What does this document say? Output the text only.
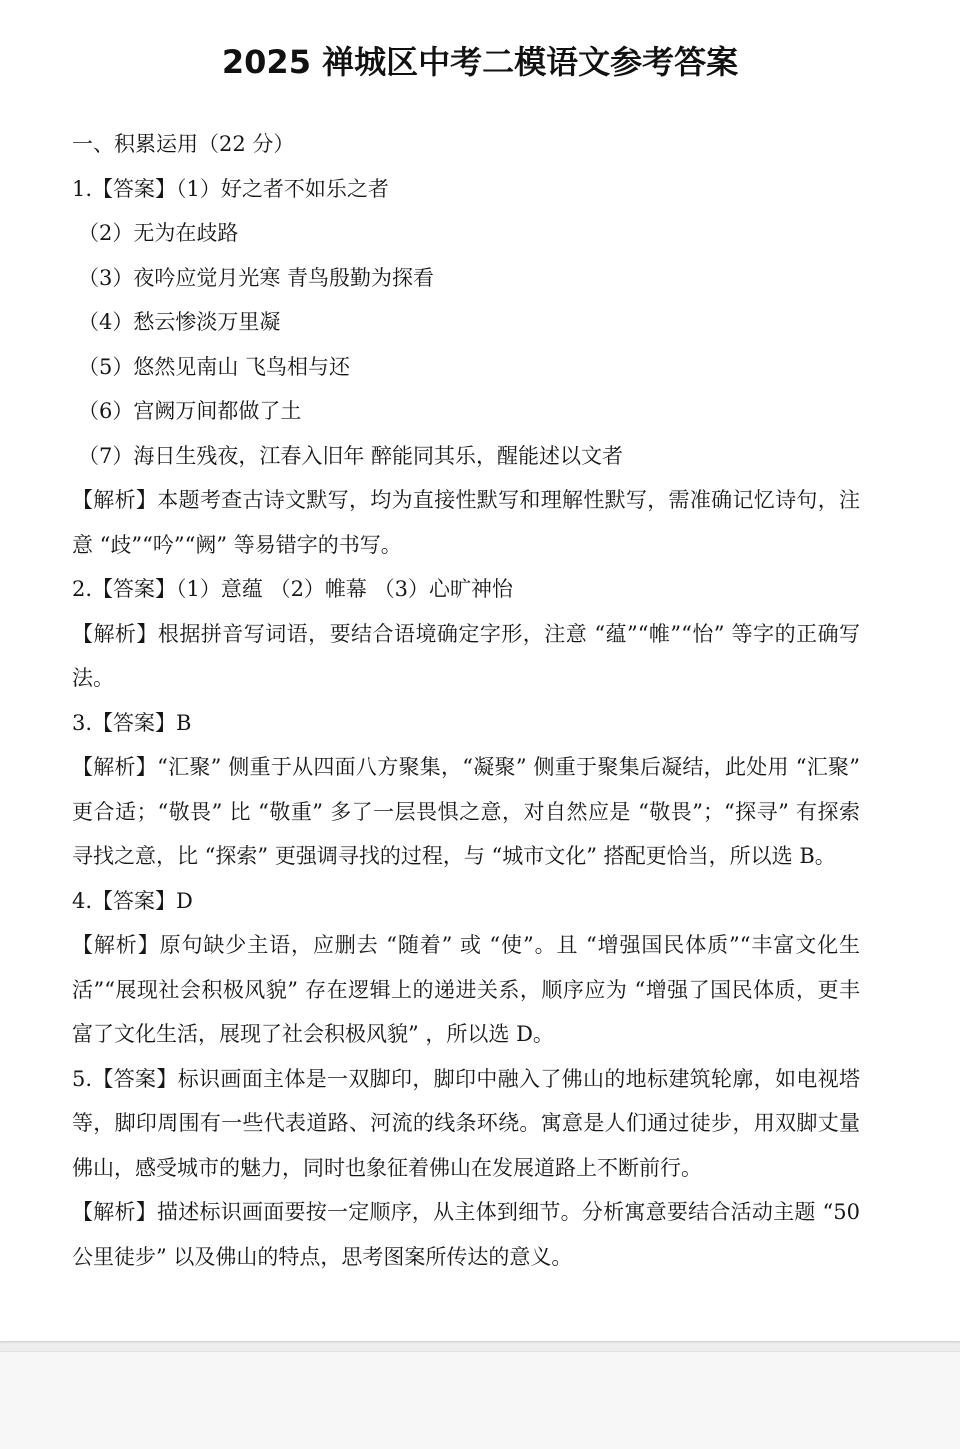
2025 禅城区中考二模语文参考答案

一、积累运用（22 分）

1.【答案】（1）好之者不如乐之者

（2）无为在歧路

（3）夜吟应觉月光寒 青鸟殷勤为探看

（4）愁云惨淡万里凝

（5）悠然见南山 飞鸟相与还

（6）宫阙万间都做了土

（7）海日生残夜，江春入旧年 醉能同其乐，醒能述以文者

【解析】本题考查古诗文默写，均为直接性默写和理解性默写，需准确记忆诗句，注意 “歧”“吟”“阙” 等易错字的书写。

2.【答案】（1）意蕴 （2）帷幕 （3）心旷神怡

【解析】根据拼音写词语，要结合语境确定字形，注意 “蕴”“帷”“怡” 等字的正确写法。

3.【答案】B

【解析】“汇聚” 侧重于从四面八方聚集，“凝聚” 侧重于聚集后凝结，此处用 “汇聚” 更合适；“敬畏” 比 “敬重” 多了一层畏惧之意，对自然应是 “敬畏”；“探寻” 有探索寻找之意，比 “探索” 更强调寻找的过程，与 “城市文化” 搭配更恰当，所以选 B。

4.【答案】D

【解析】原句缺少主语，应删去 “随着” 或 “使”。且 “增强国民体质”“丰富文化生活”“展现社会积极风貌” 存在逻辑上的递进关系，顺序应为 “增强了国民体质，更丰富了文化生活，展现了社会积极风貌” ，所以选 D。

5.【答案】标识画面主体是一双脚印，脚印中融入了佛山的地标建筑轮廓，如电视塔等，脚印周围有一些代表道路、河流的线条环绕。寓意是人们通过徒步，用双脚丈量佛山，感受城市的魅力，同时也象征着佛山在发展道路上不断前行。

【解析】描述标识画面要按一定顺序，从主体到细节。分析寓意要结合活动主题 “50 公里徒步” 以及佛山的特点，思考图案所传达的意义。
